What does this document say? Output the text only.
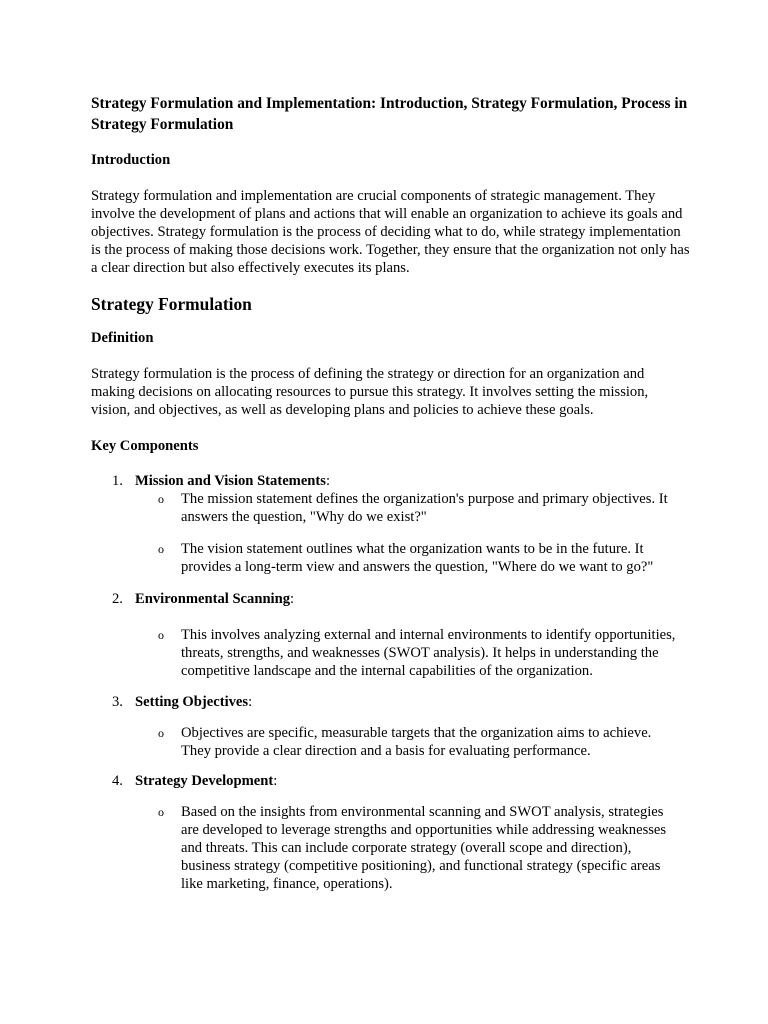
Strategy Formulation and Implementation: Introduction, Strategy Formulation, Process in Strategy Formulation
Introduction

Strategy formulation and implementation are crucial components of strategic management. They involve the development of plans and actions that will enable an organization to achieve its goals and objectives. Strategy formulation is the process of deciding what to do, while strategy implementation is the process of making those decisions work. Together, they ensure that the organization not only has a clear direction but also effectively executes its plans.

Strategy Formulation
Definition

Strategy formulation is the process of defining the strategy or direction for an organization and making decisions on allocating resources to pursue this strategy. It involves setting the mission, vision, and objectives, as well as developing plans and policies to achieve these goals.

Key Components
1. Mission and Vision Statements:
o The mission statement defines the organization's purpose and primary objectives. It answers the question, "Why do we exist?"
o The vision statement outlines what the organization wants to be in the future. It provides a long-term view and answers the question, "Where do we want to go?"
2. Environmental Scanning:
o This involves analyzing external and internal environments to identify opportunities, threats, strengths, and weaknesses (SWOT analysis). It helps in understanding the competitive landscape and the internal capabilities of the organization.
3. Setting Objectives:
o Objectives are specific, measurable targets that the organization aims to achieve. They provide a clear direction and a basis for evaluating performance.
4. Strategy Development:
o Based on the insights from environmental scanning and SWOT analysis, strategies are developed to leverage strengths and opportunities while addressing weaknesses and threats. This can include corporate strategy (overall scope and direction), business strategy (competitive positioning), and functional strategy (specific areas like marketing, finance, operations).
